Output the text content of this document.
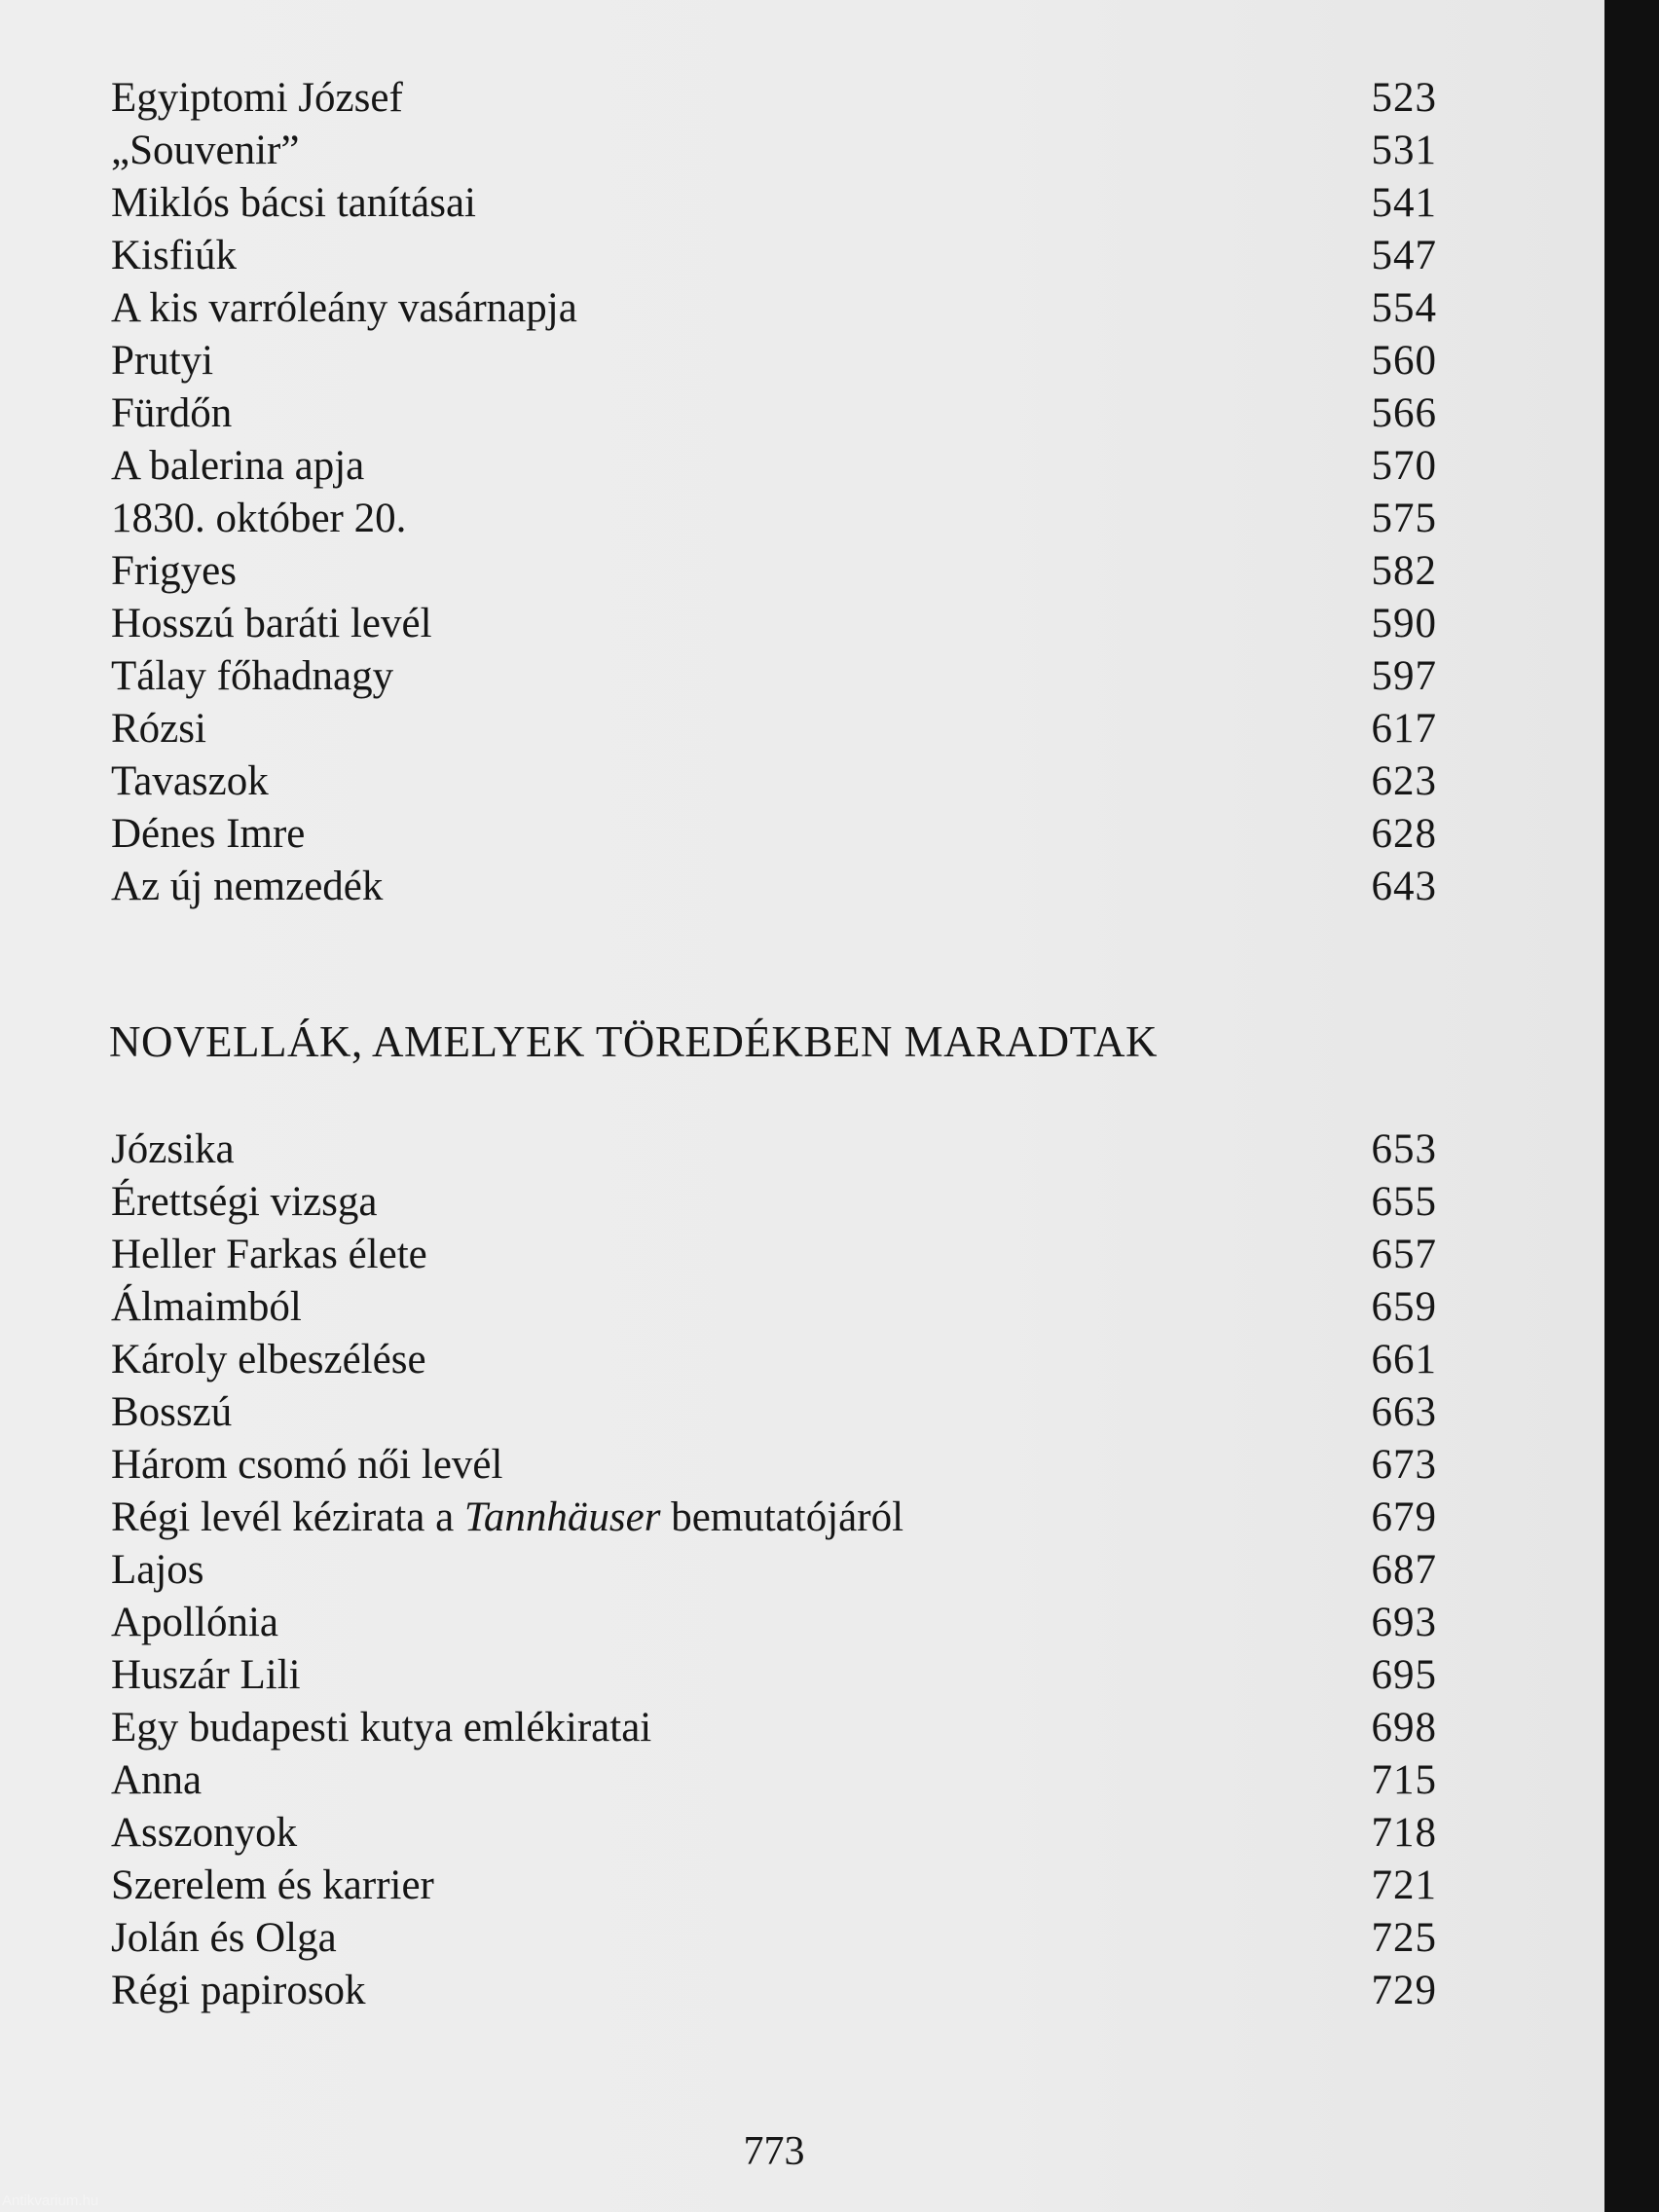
Egyiptomi József	523
„Souvenir”	531
Miklós bácsi tanításai	541
Kisfiúk	547
A kis varróleány vasárnapja	554
Prutyi	560
Fürdőn	566
A balerina apja	570
1830. október 20.	575
Frigyes	582
Hosszú baráti levél	590
Tálay főhadnagy	597
Rózsi	617
Tavaszok	623
Dénes Imre	628
Az új nemzedék	643
NOVELLÁK, AMELYEK TÖREDÉKBEN MARADTAK
Józsika	653
Érettségi vizsga	655
Heller Farkas élete	657
Álmaimból	659
Károly elbeszélése	661
Bosszú	663
Három csomó női levél	673
Régi levél kézirata a Tannhäuser bemutatójáról	679
Lajos	687
Apollónia	693
Huszár Lili	695
Egy budapesti kutya emlékiratai	698
Anna	715
Asszonyok	718
Szerelem és karrier	721
Jolán és Olga	725
Régi papirosok	729
773
Antikvarium.hu
